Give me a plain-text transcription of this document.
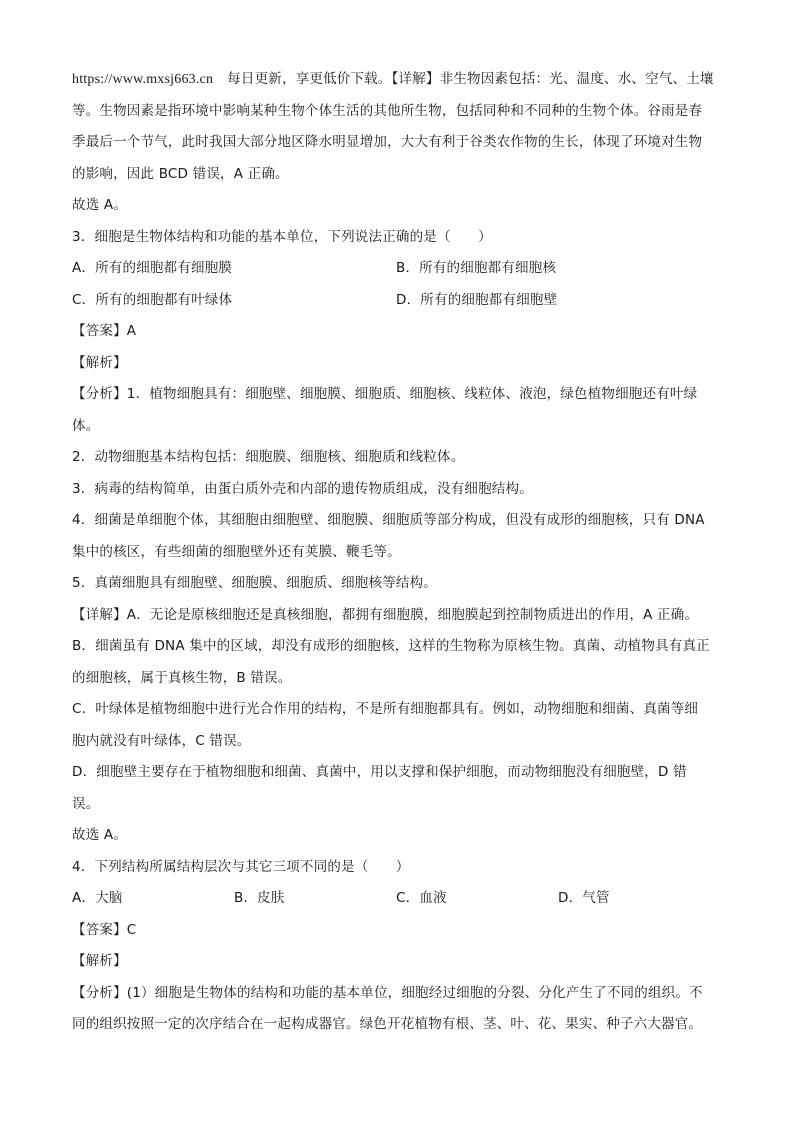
https://www.mxsj663.cn 每日更新，享更低价下载。【详解】非生物因素包括：光、温度、水、空气、土壤
等。生物因素是指环境中影响某种生物个体生活的其他所生物，包括同种和不同种的生物个体。谷雨是春
季最后一个节气，此时我国大部分地区降水明显增加，大大有利于谷类农作物的生长，体现了环境对生物
的影响，因此 BCD 错误，A 正确。
故选 A。
3．细胞是生物体结构和功能的基本单位，下列说法正确的是（　　）
A．所有的细胞都有细胞膜	B．所有的细胞都有细胞核
C．所有的细胞都有叶绿体	D．所有的细胞都有细胞壁
【答案】A
【解析】
【分析】1．植物细胞具有：细胞壁、细胞膜、细胞质、细胞核、线粒体、液泡，绿色植物细胞还有叶绿
体。
2．动物细胞基本结构包括：细胞膜、细胞核、细胞质和线粒体。
3．病毒的结构简单，由蛋白质外壳和内部的遗传物质组成，没有细胞结构。
4．细菌是单细胞个体，其细胞由细胞壁、细胞膜、细胞质等部分构成，但没有成形的细胞核，只有 DNA
集中的核区，有些细菌的细胞壁外还有荚膜、鞭毛等。
5．真菌细胞具有细胞壁、细胞膜、细胞质、细胞核等结构。
【详解】A．无论是原核细胞还是真核细胞，都拥有细胞膜，细胞膜起到控制物质进出的作用，A 正确。
B．细菌虽有 DNA 集中的区域，却没有成形的细胞核，这样的生物称为原核生物。真菌、动植物具有真正
的细胞核，属于真核生物，B 错误。
C．叶绿体是植物细胞中进行光合作用的结构，不是所有细胞都具有。例如，动物细胞和细菌、真菌等细
胞内就没有叶绿体，C 错误。
D．细胞壁主要存在于植物细胞和细菌、真菌中，用以支撑和保护细胞，而动物细胞没有细胞壁，D 错
误。
故选 A。
4．下列结构所属结构层次与其它三项不同的是（　　）
A．大脑	B．皮肤	C．血液	D．气管
【答案】C
【解析】
【分析】(1）细胞是生物体的结构和功能的基本单位，细胞经过细胞的分裂、分化产生了不同的组织。不
同的组织按照一定的次序结合在一起构成器官。绿色开花植物有根、茎、叶、花、果实、种子六大器官。
